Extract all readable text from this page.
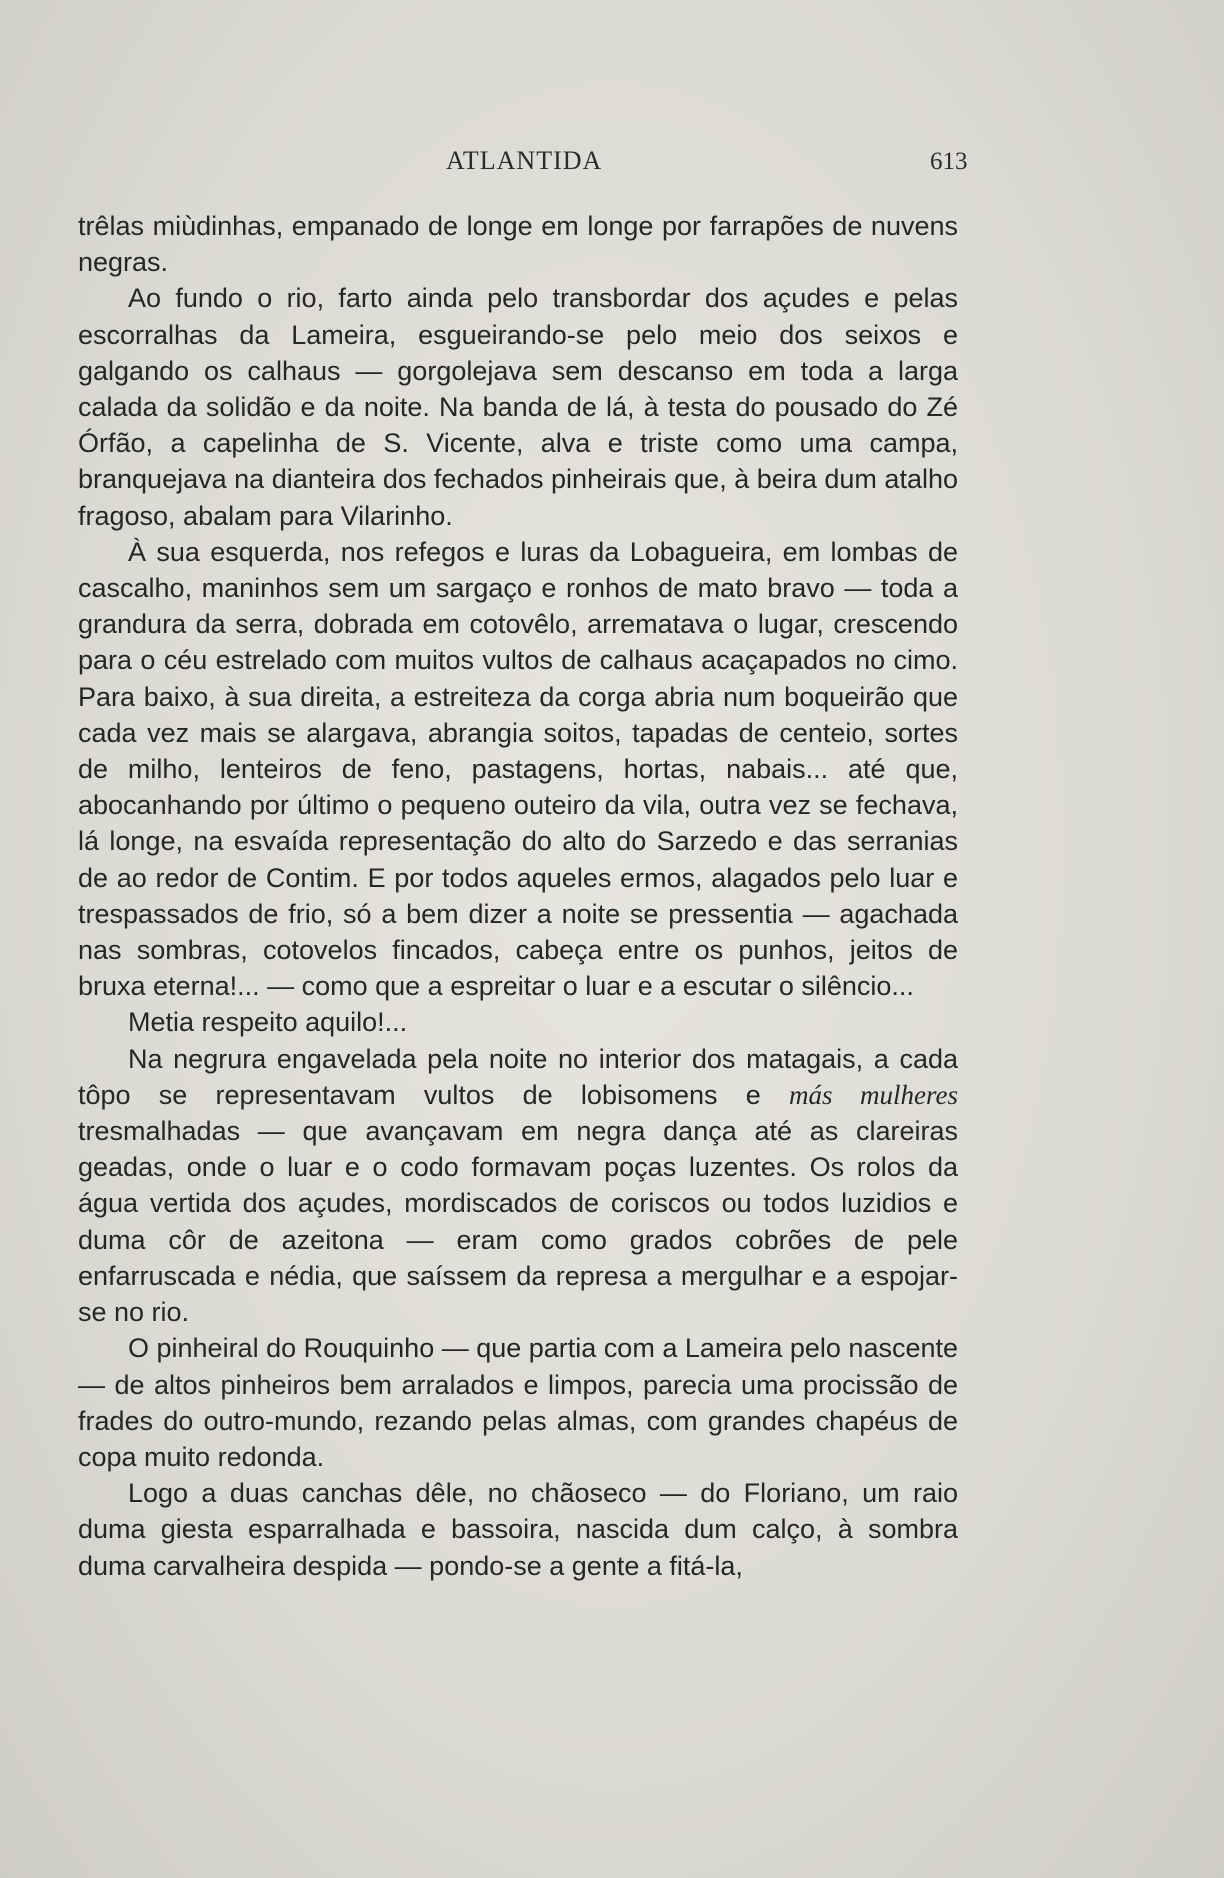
ATLANTIDA	613

trêlas miùdinhas, empanado de longe em longe por farrapões de nuvens negras.

Ao fundo o rio, farto ainda pelo transbordar dos açudes e pelas escorralhas da Lameira, esgueirando-se pelo meio dos seixos e galgando os calhaus — gorgolejava sem descanso em toda a larga calada da solidão e da noite. Na banda de lá, à testa do pousado do Zé Órfão, a capelinha de S. Vicente, alva e triste como uma campa, branquejava na dianteira dos fechados pinheirais que, à beira dum atalho fragoso, abalam para Vilarinho.

À sua esquerda, nos refegos e luras da Lobagueira, em lombas de cascalho, maninhos sem um sargaço e ronhos de mato bravo — toda a grandura da serra, dobrada em cotovêlo, arrematava o lugar, crescendo para o céu estrelado com muitos vultos de calhaus acaçapados no cimo. Para baixo, à sua direita, a estreiteza da corga abria num boqueirão que cada vez mais se alargava, abrangia soitos, tapadas de centeio, sortes de milho, lenteiros de feno, pastagens, hortas, nabais... até que, abocanhando por último o pequeno outeiro da vila, outra vez se fechava, lá longe, na esvaída representação do alto do Sarzedo e das serranias de ao redor de Contim. E por todos aqueles ermos, alagados pelo luar e trespassados de frio, só a bem dizer a noite se pressentia — agachada nas sombras, cotovelos fincados, cabeça entre os punhos, jeitos de bruxa eterna!... — como que a espreitar o luar e a escutar o silêncio...

Metia respeito aquilo!...

Na negrura engavelada pela noite no interior dos matagais, a cada tôpo se representavam vultos de lobisomens e más mulheres tresmalhadas — que avançavam em negra dança até as clareiras geadas, onde o luar e o codo formavam poças luzentes. Os rolos da água vertida dos açudes, mordiscados de coriscos ou todos luzidios e duma côr de azeitona — eram como grados cobrões de pele enfarruscada e nédia, que saíssem da represa a mergulhar e a espojar-se no rio.

O pinheiral do Rouquinho — que partia com a Lameira pelo nascente — de altos pinheiros bem arralados e limpos, parecia uma procissão de frades do outro-mundo, rezando pelas almas, com grandes chapéus de copa muito redonda.

Logo a duas canchas dêle, no chãoseco — do Floriano, um raio duma giesta esparralhada e bassoira, nascida dum calço, à sombra duma carvalheira despida — pondo-se a gente a fitá-la,
